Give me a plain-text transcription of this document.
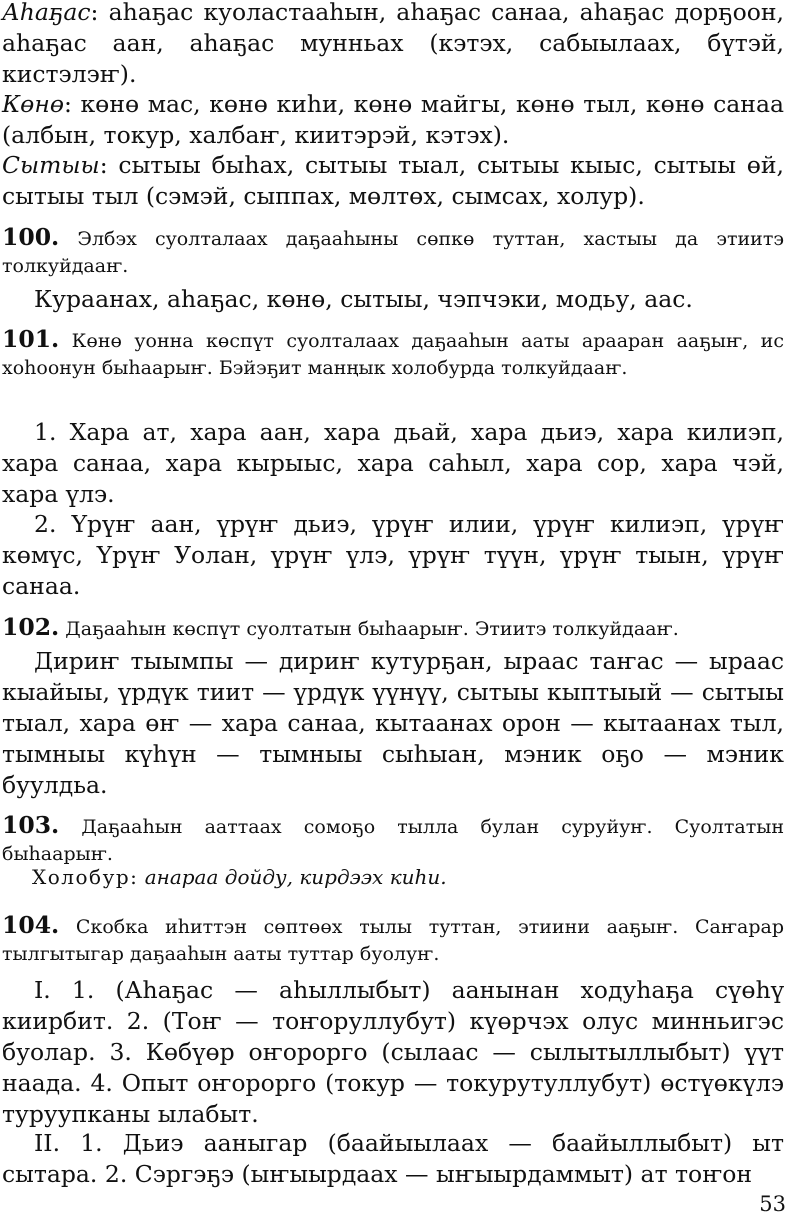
Аһаҕас: аһаҕас куоластааһын, аһаҕас санаа, аһаҕас дорҕоон, аһаҕас аан, аһаҕас мунньах (кэтэх, сабыылаах, бүтэй, кистэлэҥ).

Көнө: көнө мас, көнө киһи, көнө майгы, көнө тыл, көнө санаа (албын, токур, халбаҥ, киитэрэй, кэтэх).

Сытыы: сытыы быһах, сытыы тыал, сытыы кыыс, сытыы өй, сытыы тыл (сэмэй, сыппах, мөлтөх, сымсах, холур).

100. Элбэх суолталаах даҕааһыны сөпкө туттан, хастыы да этиитэ толкуйдааҥ.

Кураанах, аһаҕас, көнө, сытыы, чэпчэки, модьу, аас.

101. Көнө уонна көспүт суолталаах даҕааһын ааты арааран ааҕыҥ, ис хоһоонун быһаарыҥ. Бэйэҕит манңык холобурда толкуйдааҥ.

1. Хара ат, хара аан, хара дьай, хара дьиэ, хара килиэп, хара санаа, хара кырыыс, хара саһыл, хара сор, хара чэй, хара үлэ.

2. Үрүҥ аан, үрүҥ дьиэ, үрүҥ илии, үрүҥ килиэп, үрүҥ көмүс, Үрүҥ Уолан, үрүҥ үлэ, үрүҥ түүн, үрүҥ тыын, үрүҥ санаа.

102. Даҕааһын көспүт суолтатын быһаарыҥ. Этиитэ толкуйдааҥ.

Дириҥ тыымпы — дириҥ кутурҕан, ыраас таҥас — ыраас кыайыы, үрдүк тиит — үрдүк үүнүү, сытыы кыптыый — сытыы тыал, хара өҥ — хара санаа, кытаанах орон — кытаанах тыл, тымныы күһүн — тымныы сыһыан, мэник оҕо — мэник буулдьа.

103. Даҕааһын ааттаах сомоҕо тылла булан суруйуҥ. Суолтатын быһаарыҥ.

Холобур: анараа дойду, кирдээх киһи.

104. Скобка иһиттэн сөптөөх тылы туттан, этиини ааҕыҥ. Саҥарар тылгытыгар даҕааһын ааты туттар буолуҥ.

I. 1. (Аһаҕас — аһыллыбыт) аанынан ходуһаҕа сүөһү киирбит. 2. (Тоҥ — тоҥоруллубут) күөрчэх олус минньигэс буолар. 3. Көбүөр оҥорорго (сылаас — сылытыллыбыт) үүт наада. 4. Опыт оҥорорго (токур — токурутуллубут) өстүөкүлэ туруупканы ылабыт.

II. 1. Дьиэ ааныгар (баайыылаах — баайыллыбыт) ыт сытара. 2. Сэргэҕэ (ыҥыырдаах — ыҥыырдаммыт) ат тоҥон

53
